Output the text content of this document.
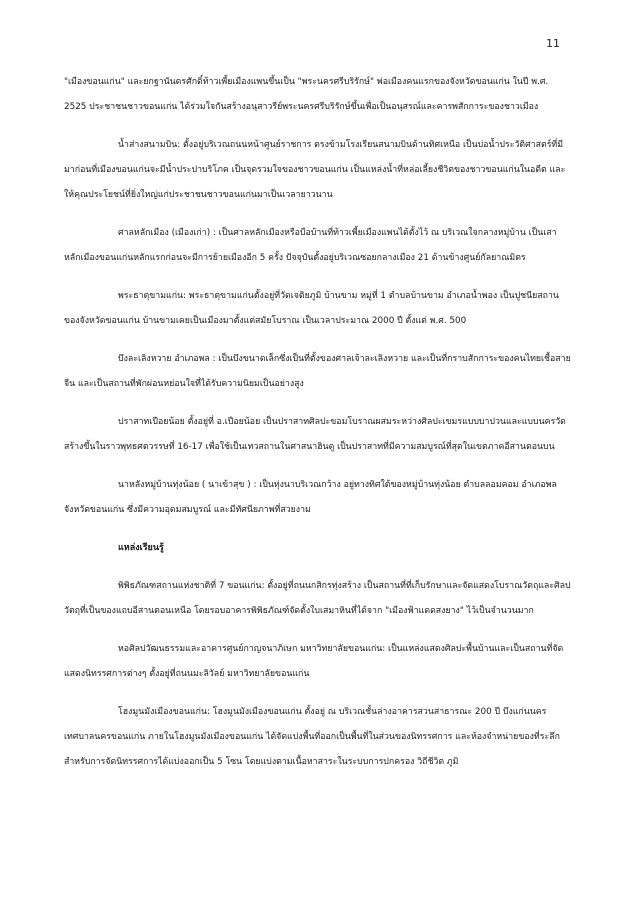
11

"เมืองขอนแก่น" และยกฐานันดรศักดิ์ท้าวเพี้ยเมืองแพนขึ้นเป็น "พระนครศรีบริรักษ์" พ่อเมืองคนแรกของจังหวัดขอนแก่น ในปี พ.ศ. 2525 ประชาชนชาวขอนแก่น ได้ร่วมใจกันสร้างอนุสาวรีย์พระนครศรีบริรักษ์ขึ้นเพื่อเป็นอนุสรณ์และคารพสักการะของชาวเมือง

น้ำส่างสนามบิน: ตั้งอยู่บริเวณถนนหน้าศูนย์ราชการ ตรงข้ามโรงเรียนสนามบินด้านทิศเหนือ เป็นบ่อน้ำประวัติศาสตร์ที่มีมาก่อนที่เมืองขอนแก่นจะมีน้ำประปาบริโภค เป็นจุดรวมใจของชาวขอนแก่น เป็นแหล่งน้ำที่หล่อเลี้ยงชีวิตของชาวขอนแก่นในอดีต และให้คุณประโยชน์ที่ยิ่งใหญ่แก่ประชาชนชาวขอนแก่นมาเป็นเวลายาวนาน

ศาลหลักเมือง (เมืองเก่า) : เป็นศาลหลักเมืองหรือบือบ้านที่ท้าวเพี้ยเมืองแพนได้ตั้งไว้ ณ บริเวณใจกลางหมู่บ้าน เป็นเสาหลักเมืองขอนแก่นหลักแรกก่อนจะมีการย้ายเมืองอีก 5 ครั้ง ปัจจุบันตั้งอยู่บริเวณซอยกลางเมือง 21 ด้านข้างศูนย์กัลยาณมิตร

พระธาตุขามแก่น: พระธาตุขามแก่นตั้งอยู่ที่วัดเจติยภูมิ บ้านขาม หมู่ที่ 1 ตำบลบ้านขาม อำเภอน้ำพอง เป็นปูชนียสถานของจังหวัดขอนแก่น บ้านขามเคยเป็นเมืองมาตั้งแต่สมัยโบราณ เป็นเวลาประมาณ 2000 ปี ตั้งแต่ พ.ศ. 500

บึงละเลิงหวาย อำเภอพล : เป็นบึงขนาดเล็กซึ่งเป็นที่ตั้งของศาลเจ้าละเลิงหวาย และเป็นที่กราบสักการะของคนไทยเชื้อสายจีน และเป็นสถานที่พักผ่อนหย่อนใจที่ได้รับความนิยมเป็นอย่างสูง

ปราสาทเปือยน้อย ตั้งอยู่ที่ อ.เปือยน้อย เป็นปราสาทศิลปะขอมโบราณผสมระหว่างศิลปะเขมรแบบบาปวนและแบบนครวัด สร้างขึ้นในราวพุทธศตวรรษที่ 16-17 เพื่อใช้เป็นเทวสถานในศาสนาฮินดู เป็นปราสาทที่มีความสมบูรณ์ที่สุดในเขตภาคอีสานตอนบน

นาหลังหมู่บ้านทุ่งน้อย ( นาเข้าสุข ) : เป็นทุ่งนาบริเวณกว้าง อยู่ทางทิศใต้ของหมู่บ้านทุ่งน้อย ตำบลลอมคอม อำเภอพล จังหวัดขอนแก่น ซึ่งมีความอุดมสมบูรณ์ และมีทัศนียภาพที่สวยงาม

แหล่งเรียนรู้

พิพิธภัณฑสถานแห่งชาติที่ 7 ขอนแก่น: ตั้งอยู่ที่ถนนกสิกรทุ่งสร้าง เป็นสถานที่ที่เก็บรักษาและจัดแสดงโบราณวัตถุและศิลปวัตถุที่เป็นของแถบอีสานตอนเหนือ โดยรอบอาคารพิพิธภัณฑ์จัดตั้งใบเสมาหินที่ได้จาก "เมืองฟ้าแดดสงยาง" ไว้เป็นจำนวนมาก

หอศิลปวัฒนธรรมและอาคารศูนย์กาญจนาภิเษก มหาวิทยาลัยขอนแก่น: เป็นแหล่งแสดงศิลปะพื้นบ้านและเป็นสถานที่จัดแสดงนิทรรศการต่างๆ ตั้งอยู่ที่ถนนมะลิวัลย์ มหาวิทยาลัยขอนแก่น

โฮงมูนมังเมืองขอนแก่น: โฮงมูนมังเมืองขอนแก่น ตั้งอยู่ ณ บริเวณชั้นล่างอาคารสวนสาธารณะ 200 ปี บึงแก่นนครเทศบาลนครขอนแก่น ภายในโฮงมูนมังเมืองขอนแก่น ได้จัดแบ่งพื้นที่ออกเป็นพื้นที่ในส่วนของนิทรรศการ และห้องจำหน่ายของที่ระลึก สำหรับการจัดนิทรรศการได้แบ่งออกเป็น 5 โซน โดยแบ่งตามเนื้อหาสาระในระบบการปกครอง วิถีชีวิต ภูมิ
